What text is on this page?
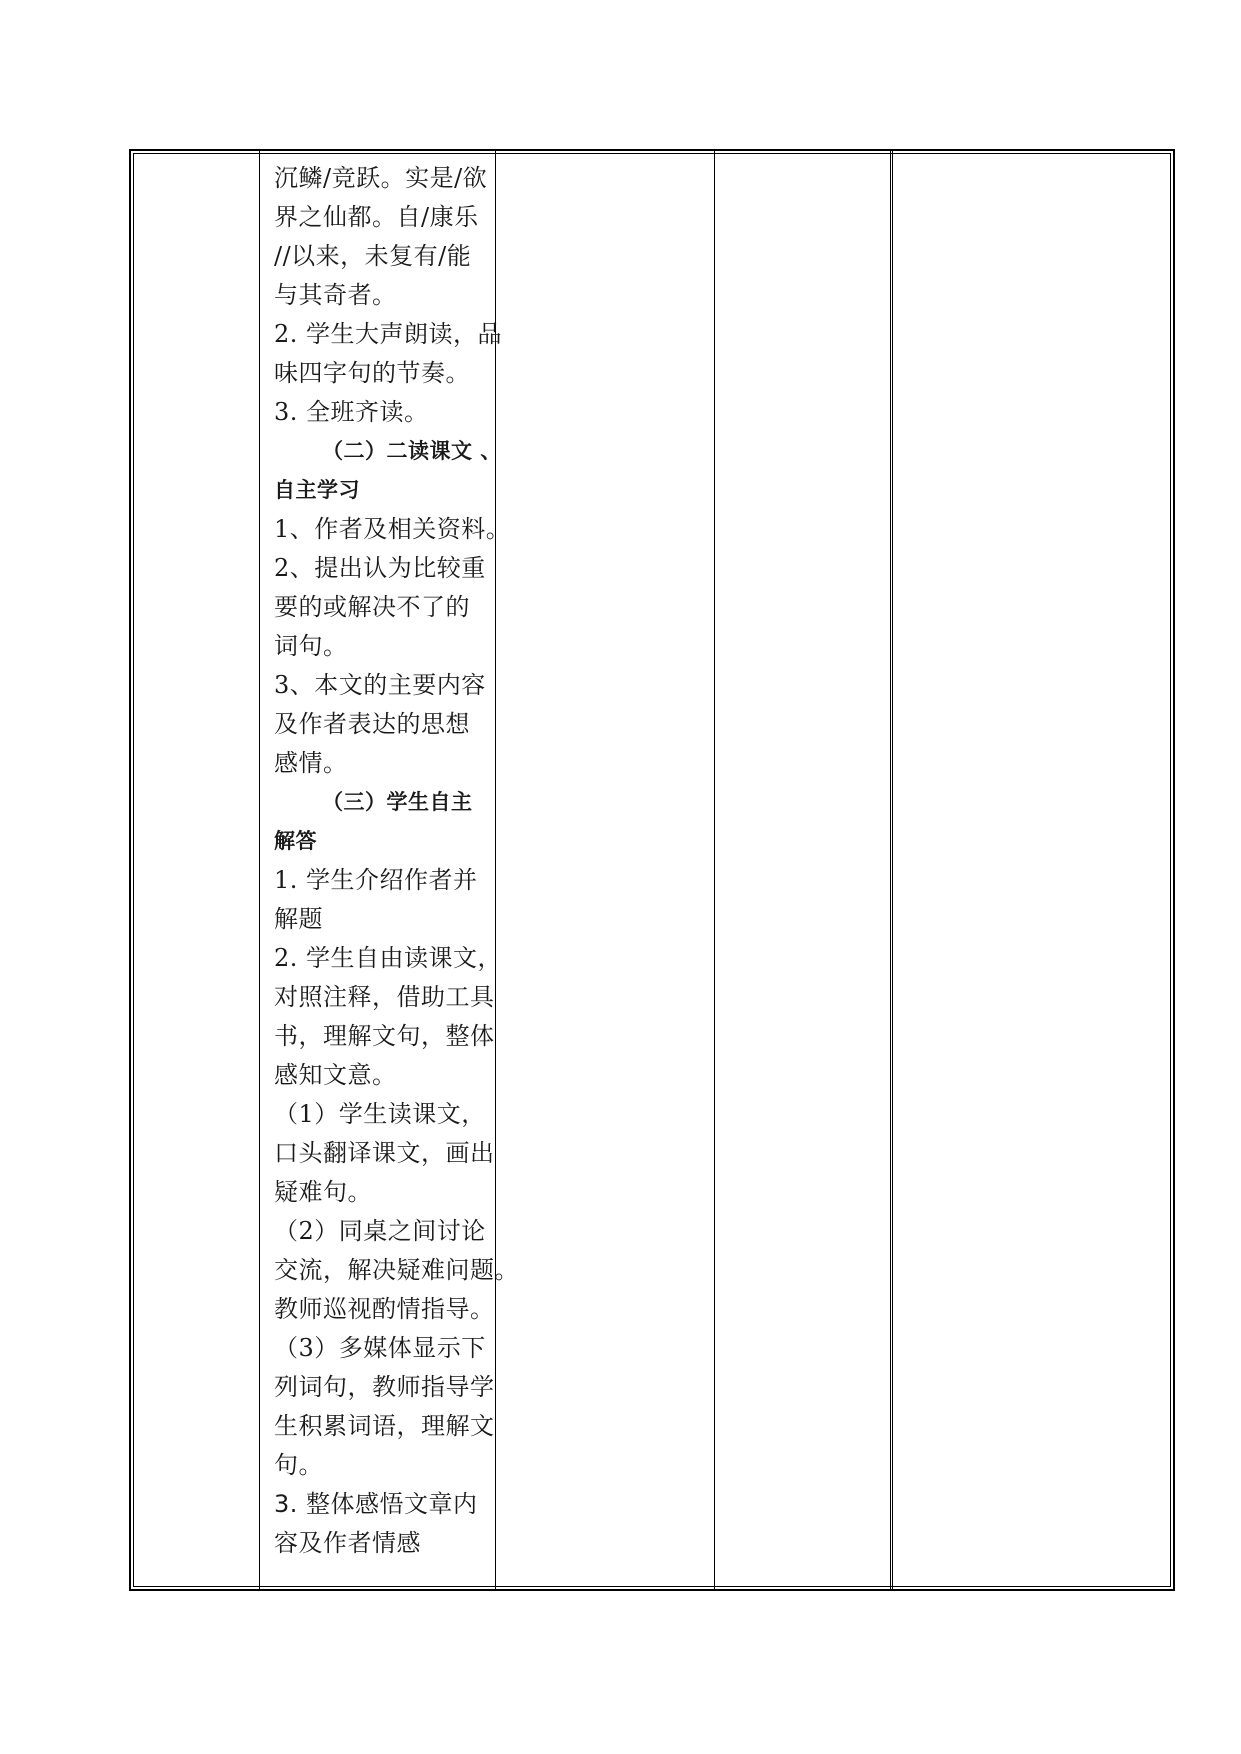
沉鳞/竞跃。实是/欲
界之仙都。自/康乐
//以来，未复有/能
与其奇者。
2. 学生大声朗读，品
味四字句的节奏。
3. 全班齐读。
（二）二读课文 、
自主学习
1、作者及相关资料。
2、提出认为比较重
要的或解决不了的
词句。
3、本文的主要内容
及作者表达的思想
感情。
（三）学生自主
解答
1. 学生介绍作者并
解题
2. 学生自由读课文，
对照注释，借助工具
书，理解文句，整体
感知文意。
（1）学生读课文，
口头翻译课文，画出
疑难句。
（2）同桌之间讨论
交流，解决疑难问题。
教师巡视酌情指导。
（3）多媒体显示下
列词句，教师指导学
生积累词语，理解文
句。
3. 整体感悟文章内
容及作者情感
